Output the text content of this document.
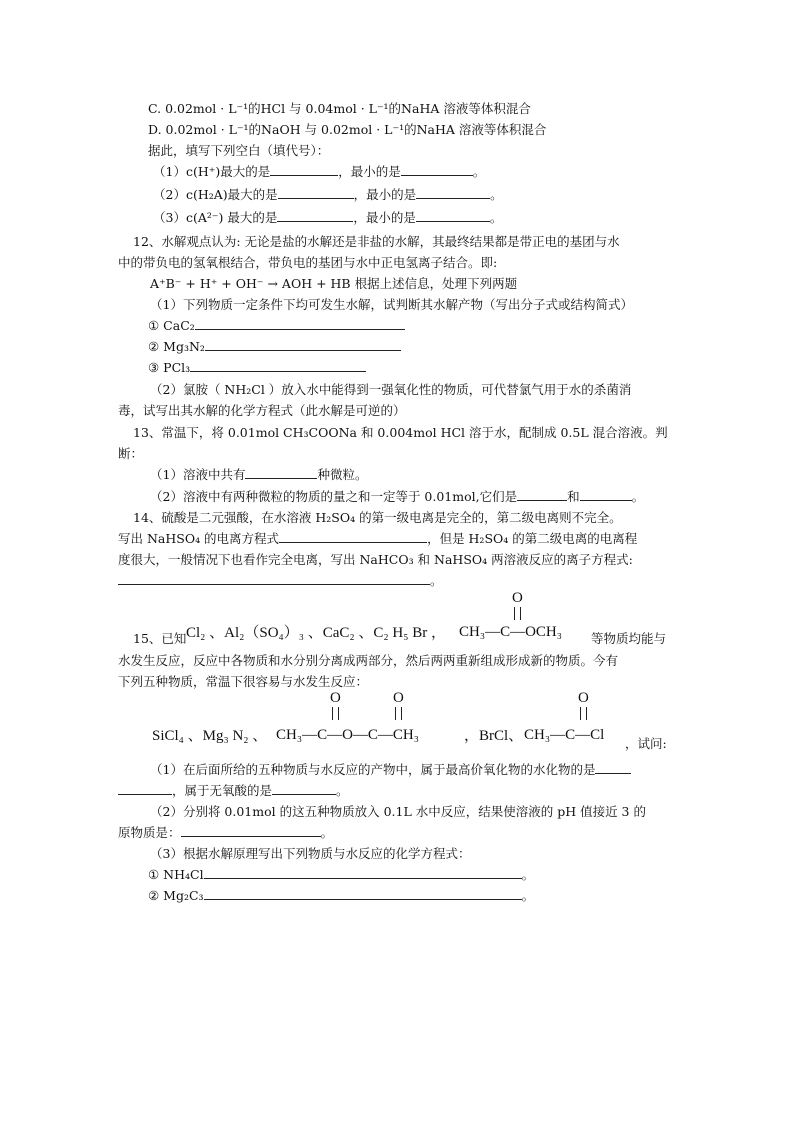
C. 0.02mol · L⁻¹的HCl 与 0.04mol · L⁻¹的NaHA 溶液等体积混合
D. 0.02mol · L⁻¹的NaOH 与 0.02mol · L⁻¹的NaHA 溶液等体积混合
据此，填写下列空白（填代号）：
（1）c(H⁺)最大的是	，最小的是	。
（2）c(H₂A)最大的是	，最小的是	。
（3）c(A²⁻) 最大的是	，最小的是	。
12、水解观点认为: 无论是盐的水解还是非盐的水解，其最终结果都是带正电的基团与水
中的带负电的氢氧根结合，带负电的基团与水中正电氢离子结合。即:
A⁺B⁻ + H⁺ + OH⁻ → AOH + HB 根据上述信息，处理下列两题
（1）下列物质一定条件下均可发生水解，试判断其水解产物（写出分子式或结构简式）
① CaC₂
② Mg₃N₂
③ PCl₃
（2）氯胺（ NH₂Cl ）放入水中能得到一强氧化性的物质，可代替氯气用于水的杀菌消
毒，试写出其水解的化学方程式（此水解是可逆的）
13、常温下，将 0.01mol CH₃COONa 和 0.004mol HCl 溶于水，配制成 0.5L 混合溶液。判
断：
（1）溶液中共有	种微粒。
（2）溶液中有两种微粒的物质的量之和一定等于 0.01mol,它们是	和	。
14、硫酸是二元强酸，在水溶液 H₂SO₄ 的第一级电离是完全的，第二级电离则不完全。
写出 NaHSO₄ 的电离方程式	，但是 H₂SO₄ 的第二级电离的电离程
度很大，一般情况下也看作完全电离，写出 NaHCO₃ 和 NaHSO₄ 两溶液反应的离子方程式:
。
15、已知 Cl₂ 、Al₂（SO₄）₃ 、CaC₂ 、C₂ H₅ Br ，
O
CH₃—C—OCH₃ 等物质均能与
水发生反应，反应中各物质和水分别分离成两部分，然后两两重新组成形成新的物质。今有
下列五种物质，常温下很容易与水发生反应：
SiCl₄ 、Mg₃ N₂ 、
O	O
CH₃—C—O—C—CH₃	，BrCl、
O
CH₃—C—Cl
，试问:
（1）在后面所给的五种物质与水反应的产物中，属于最高价氧化物的水化物的是
，属于无氧酸的是	。
（2）分别将 0.01mol 的这五种物质放入 0.1L 水中反应，结果使溶液的 pH 值接近 3 的
原物质是：	。
（3）根据水解原理写出下列物质与水反应的化学方程式：
① NH₄Cl	。
② Mg₂C₃	。
